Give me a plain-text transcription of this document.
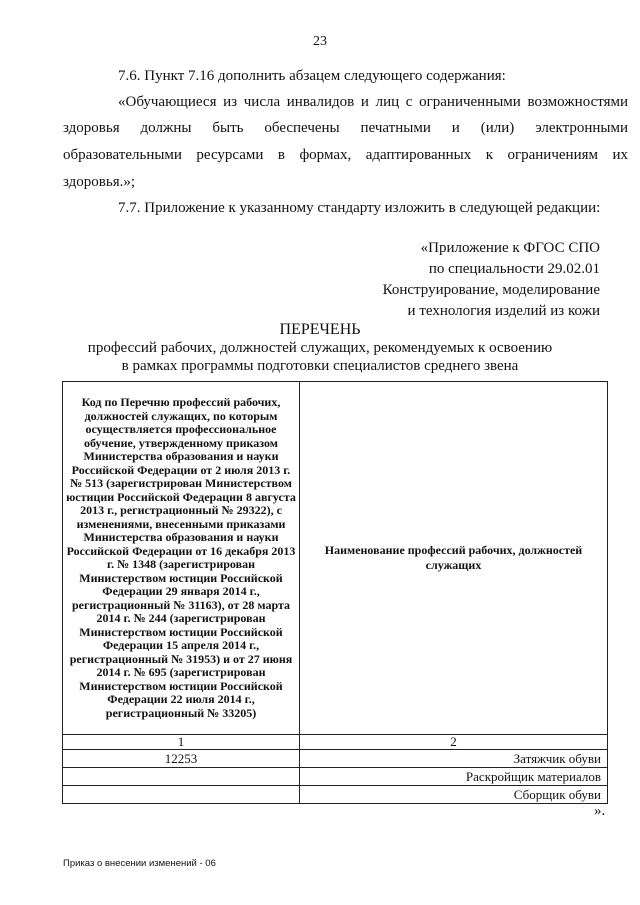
23
7.6. Пункт 7.16 дополнить абзацем следующего содержания:
«Обучающиеся из числа инвалидов и лиц с ограниченными возможностями
здоровья должны быть обеспечены печатными и (или) электронными
образовательными ресурсами в формах, адаптированных к ограничениям их
здоровья.»;
7.7. Приложение к указанному стандарту изложить в следующей редакции:
«Приложение к ФГОС СПО
по специальности 29.02.01
Конструирование, моделирование
и технология изделий из кожи
ПЕРЕЧЕНЬ
профессий рабочих, должностей служащих, рекомендуемых к освоению
в рамках программы подготовки специалистов среднего звена
Код по Перечню профессий рабочих, должностей служащих, по которым осуществляется профессиональное обучение, утвержденному приказом Министерства образования и науки Российской Федерации от 2 июля 2013 г. № 513 (зарегистрирован Министерством юстиции Российской Федерации 8 августа 2013 г., регистрационный № 29322), с изменениями, внесенными приказами Министерства образования и науки Российской Федерации от 16 декабря 2013 г. № 1348 (зарегистрирован Министерством юстиции Российской Федерации 29 января 2014 г., регистрационный № 31163), от 28 марта 2014 г. № 244 (зарегистрирован Министерством юстиции Российской Федерации 15 апреля 2014 г., регистрационный № 31953) и от 27 июня 2014 г. № 695 (зарегистрирован Министерством юстиции Российской Федерации 22 июля 2014 г., регистрационный № 33205)	Наименование профессий рабочих, должностей служащих
1	2
12253	Затяжчик обуви
	Раскройщик материалов
	Сборщик обуви
».
Приказ о внесении изменений - 06
